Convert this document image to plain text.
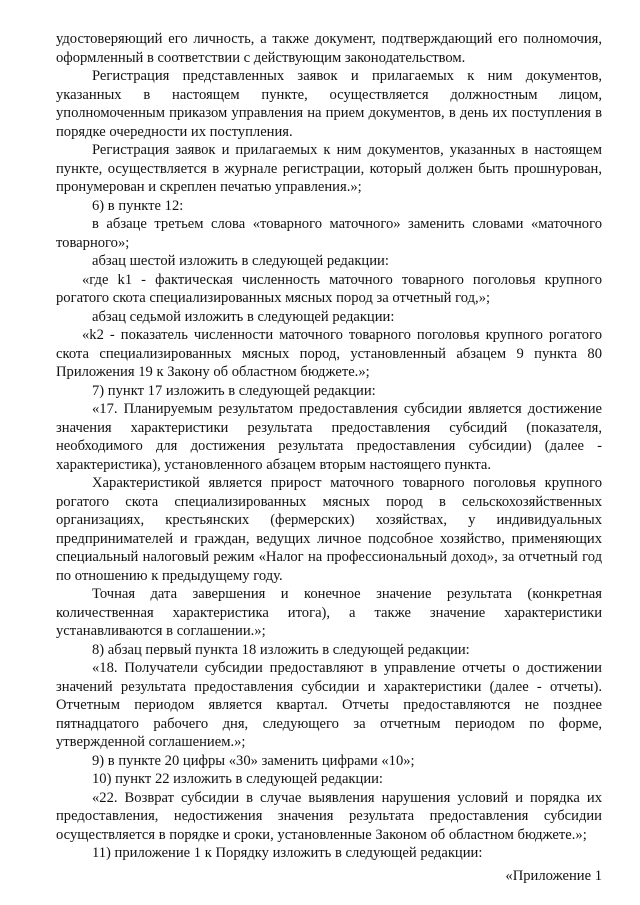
удостоверяющий его личность, а также документ, подтверждающий его полномочия, оформленный в соответствии с действующим законодательством.

Регистрация представленных заявок и прилагаемых к ним документов, указанных в настоящем пункте, осуществляется должностным лицом, уполномоченным приказом управления на прием документов, в день их поступления в порядке очередности их поступления.

Регистрация заявок и прилагаемых к ним документов, указанных в настоящем пункте, осуществляется в журнале регистрации, который должен быть прошнурован, пронумерован и скреплен печатью управления.»;

6) в пункте 12:

в абзаце третьем слова «товарного маточного» заменить словами «маточного товарного»;

абзац шестой изложить в следующей редакции:

«где k1 - фактическая численность маточного товарного поголовья крупного рогатого скота специализированных мясных пород за отчетный год,»;

абзац седьмой изложить в следующей редакции:

«k2 - показатель численности маточного товарного поголовья крупного рогатого скота специализированных мясных пород, установленный абзацем 9 пункта 80 Приложения 19 к Закону об областном бюджете.»;

7) пункт 17 изложить в следующей редакции:

«17. Планируемым результатом предоставления субсидии является достижение значения характеристики результата предоставления субсидий (показателя, необходимого для достижения результата предоставления субсидии) (далее - характеристика), установленного абзацем вторым настоящего пункта.

Характеристикой является прирост маточного товарного поголовья крупного рогатого скота специализированных мясных пород в сельскохозяйственных организациях, крестьянских (фермерских) хозяйствах, у индивидуальных предпринимателей и граждан, ведущих личное подсобное хозяйство, применяющих специальный налоговый режим «Налог на профессиональный доход», за отчетный год по отношению к предыдущему году.

Точная дата завершения и конечное значение результата (конкретная количественная характеристика итога), а также значение характеристики устанавливаются в соглашении.»;

8) абзац первый пункта 18 изложить в следующей редакции:

«18. Получатели субсидии предоставляют в управление отчеты о достижении значений результата предоставления субсидии и характеристики (далее - отчеты). Отчетным периодом является квартал. Отчеты предоставляются не позднее пятнадцатого рабочего дня, следующего за отчетным периодом по форме, утвержденной соглашением.»;

9) в пункте 20 цифры «30» заменить цифрами «10»;

10) пункт 22 изложить в следующей редакции:

«22. Возврат субсидии в случае выявления нарушения условий и порядка их предоставления, недостижения значения результата предоставления субсидии осуществляется в порядке и сроки, установленные Законом об областном бюджете.»;

11) приложение 1 к Порядку изложить в следующей редакции:

«Приложение 1
